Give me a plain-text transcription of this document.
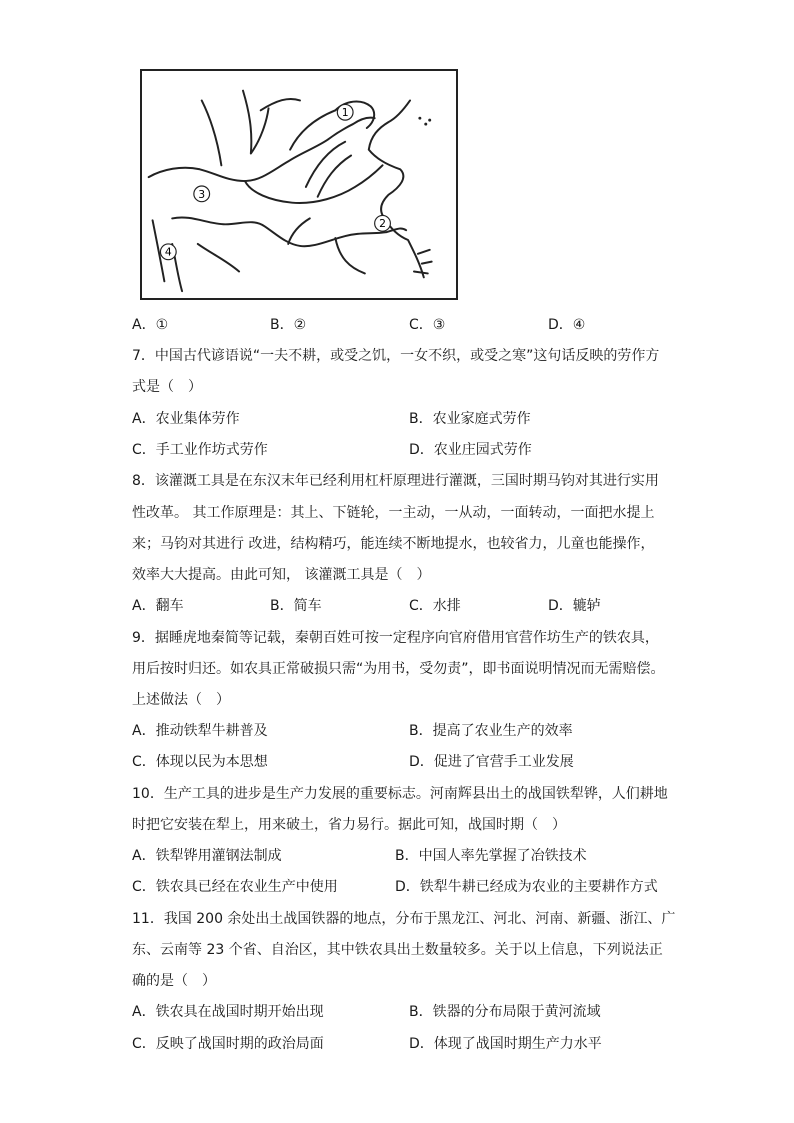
1
2
3
4
A．①	B．②	C．③	D．④
7．中国古代谚语说“一夫不耕，或受之饥，一女不织，或受之寒”这句话反映的劳作方
式是（　）
A．农业集体劳作	B．农业家庭式劳作
C．手工业作坊式劳作	D．农业庄园式劳作
8．该灌溉工具是在东汉末年已经利用杠杆原理进行灌溉，三国时期马钧对其进行实用
性改革。 其工作原理是：其上、下链轮，一主动，一从动，一面转动，一面把水提上
来；马钧对其进行 改进，结构精巧，能连续不断地提水，也较省力，儿童也能操作，
效率大大提高。由此可知， 该灌溉工具是（　）
A．翻车	B．简车	C．水排	D．辘轳
9．据睡虎地秦简等记载，秦朝百姓可按一定程序向官府借用官营作坊生产的铁农具，
用后按时归还。如农具正常破损只需“为用书，受勿责”，即书面说明情况而无需赔偿。
上述做法（　）
A．推动铁犁牛耕普及	B．提高了农业生产的效率
C．体现以民为本思想	D．促进了官营手工业发展
10．生产工具的进步是生产力发展的重要标志。河南辉县出土的战国铁犁铧，人们耕地
时把它安装在犁上，用来破土，省力易行。据此可知，战国时期（　）
A．铁犁铧用灌钢法制成	B．中国人率先掌握了冶铁技术
C．铁农具已经在农业生产中使用	D．铁犁牛耕已经成为农业的主要耕作方式
11．我国 200 余处出土战国铁器的地点，分布于黑龙江、河北、河南、新疆、浙江、广
东、云南等 23 个省、自治区，其中铁农具出土数量较多。关于以上信息，下列说法正
确的是（　）
A．铁农具在战国时期开始出现	B．铁器的分布局限于黄河流域
C．反映了战国时期的政治局面	D．体现了战国时期生产力水平
